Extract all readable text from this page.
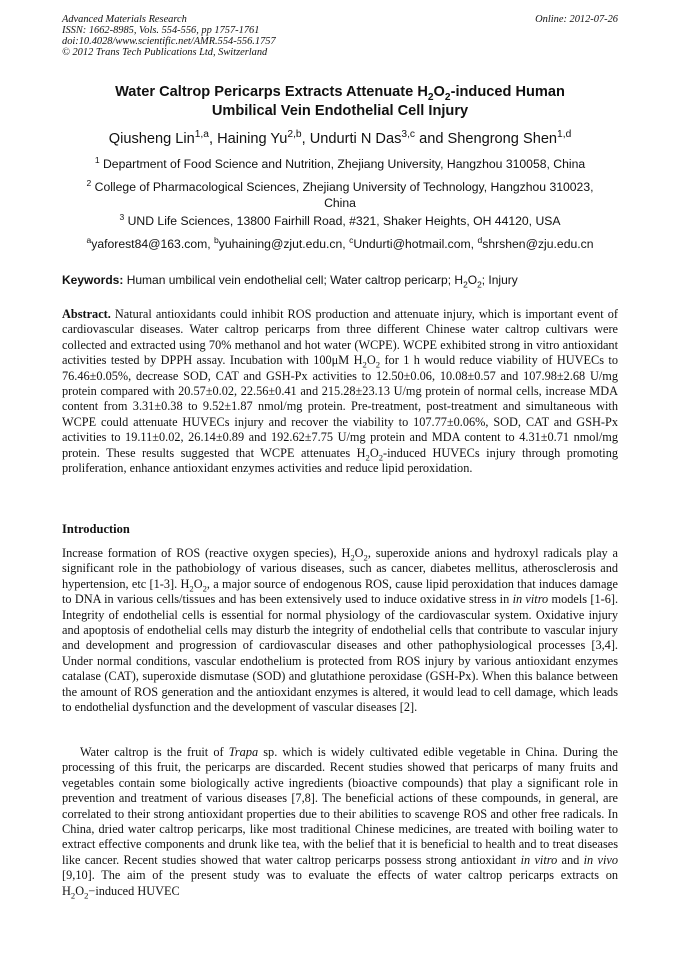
Advanced Materials Research
ISSN: 1662-8985, Vols. 554-556, pp 1757-1761
doi:10.4028/www.scientific.net/AMR.554-556.1757
© 2012 Trans Tech Publications Ltd, Switzerland
Online: 2012-07-26
Water Caltrop Pericarps Extracts Attenuate $H_2O_2$-induced Human
Umbilical Vein Endothelial Cell Injury
Qiusheng Lin$^{1,a}$, Haining Yu$^{2,b}$, Undurti N Das$^{3,c}$ and Shengrong Shen$^{1,d}$
$^1$ Department of Food Science and Nutrition, Zhejiang University, Hangzhou 310058, China
$^2$ College of Pharmacological Sciences, Zhejiang University of Technology, Hangzhou 310023,
China
$^3$ UND Life Sciences, 13800 Fairhill Road, #321, Shaker Heights, OH 44120, USA
$^a$yaforest84@163.com, $^b$yuhaining@zjut.edu.cn, $^c$Undurti@hotmail.com, $^d$shrshen@zju.edu.cn
Keywords: Human umbilical vein endothelial cell; Water caltrop pericarp; $H_2O_2$; Injury
Abstract. Natural antioxidants could inhibit ROS production and attenuate injury, which is important event of cardiovascular diseases. Water caltrop pericarps from three different Chinese water caltrop cultivars were collected and extracted using 70% methanol and hot water (WCPE). WCPE exhibited strong in vitro antioxidant activities tested by DPPH assay. Incubation with 100μM $H_2O_2$ for 1 h would reduce viability of HUVECs to 76.46±0.05%, decrease SOD, CAT and GSH-Px activities to 12.50±0.06, 10.08±0.57 and 107.98±2.68 U/mg protein compared with 20.57±0.02, 22.56±0.41 and 215.28±23.13 U/mg protein of normal cells, increase MDA content from 3.31±0.38 to 9.52±1.87 nmol/mg protein. Pre-treatment, post-treatment and simultaneous with WCPE could attenuate HUVECs injury and recover the viability to 107.77±0.06%, SOD, CAT and GSH-Px activities to 19.11±0.02, 26.14±0.89 and 192.62±7.75 U/mg protein and MDA content to 4.31±0.71 nmol/mg protein. These results suggested that WCPE attenuates $H_2O_2$-induced HUVECs injury through promoting proliferation, enhance antioxidant enzymes activities and reduce lipid peroxidation.
Introduction
Increase formation of ROS (reactive oxygen species), $H_2O_2$, superoxide anions and hydroxyl radicals play a significant role in the pathobiology of various diseases, such as cancer, diabetes mellitus, atherosclerosis and hypertension, etc [1-3]. $H_2O_2$, a major source of endogenous ROS, cause lipid peroxidation that induces damage to DNA in various cells/tissues and has been extensively used to induce oxidative stress in in vitro models [1-6]. Integrity of endothelial cells is essential for normal physiology of the cardiovascular system. Oxidative injury and apoptosis of endothelial cells may disturb the integrity of endothelial cells that contribute to vascular injury and development and progression of cardiovascular diseases and other pathophysiological processes [3,4]. Under normal conditions, vascular endothelium is protected from ROS injury by various antioxidant enzymes catalase (CAT), superoxide dismutase (SOD) and glutathione peroxidase (GSH-Px). When this balance between the amount of ROS generation and the antioxidant enzymes is altered, it would lead to cell damage, which leads to endothelial dysfunction and the development of vascular diseases [2].
Water caltrop is the fruit of Trapa sp. which is widely cultivated edible vegetable in China. During the processing of this fruit, the pericarps are discarded. Recent studies showed that pericarps of many fruits and vegetables contain some biologically active ingredients (bioactive compounds) that play a significant role in prevention and treatment of various diseases [7,8]. The beneficial actions of these compounds, in general, are correlated to their strong antioxidant properties due to their abilities to scavenge ROS and other free radicals. In China, dried water caltrop pericarps, like most traditional Chinese medicines, are treated with boiling water to extract effective components and drunk like tea, with the belief that it is beneficial to health and to treat diseases like cancer. Recent studies showed that water caltrop pericarps possess strong antioxidant in vitro and in vivo [9,10]. The aim of the present study was to evaluate the effects of water caltrop pericarps extracts on $H_2O_2-induced$ HUVEC
